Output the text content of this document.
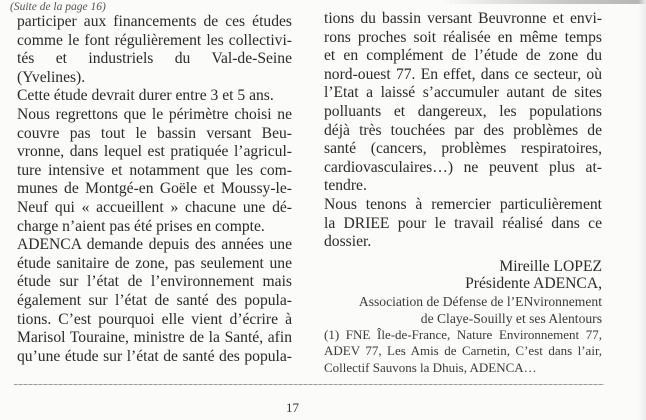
(Suite de la page 16)
participer aux financements de ces études
comme le font régulièrement les collectivi-
tés et industriels du Val-de-Seine
(Yvelines).
Cette étude devrait durer entre 3 et 5 ans.
Nous regrettons que le périmètre choisi ne
couvre pas tout le bassin versant Beu-
vronne, dans lequel est pratiquée l’agricul-
ture intensive et notamment que les com-
munes de Montgé-en Goële et Moussy-le-
Neuf qui « accueillent » chacune une dé-
charge n’aient pas été prises en compte.
ADENCA demande depuis des années une
étude sanitaire de zone, pas seulement une
étude sur l’état de l’environnement mais
également sur l’état de santé des popula-
tions. C’est pourquoi elle vient d’écrire à
Marisol Touraine, ministre de la Santé, afin
qu’une étude sur l’état de santé des popula-
tions du bassin versant Beuvronne et envi-
rons proches soit réalisée en même temps
et en complément de l’étude de zone du
nord-ouest 77. En effet, dans ce secteur, où
l’Etat a laissé s’accumuler autant de sites
polluants et dangereux, les populations
déjà très touchées par des problèmes de
santé (cancers, problèmes respiratoires,
cardiovasculaires…) ne peuvent plus at-
tendre.
Nous tenons à remercier particulièrement
la DRIEE pour le travail réalisé dans ce
dossier.
Mireille LOPEZ
Présidente ADENCA,
Association de Défense de l’ENvironnement
de Claye-Souilly et ses Alentours
(1) FNE Île-de-France, Nature Environnement 77,
ADEV 77, Les Amis de Carnetin, C’est dans l’air,
Collectif Sauvons la Dhuis, ADENCA…
17
